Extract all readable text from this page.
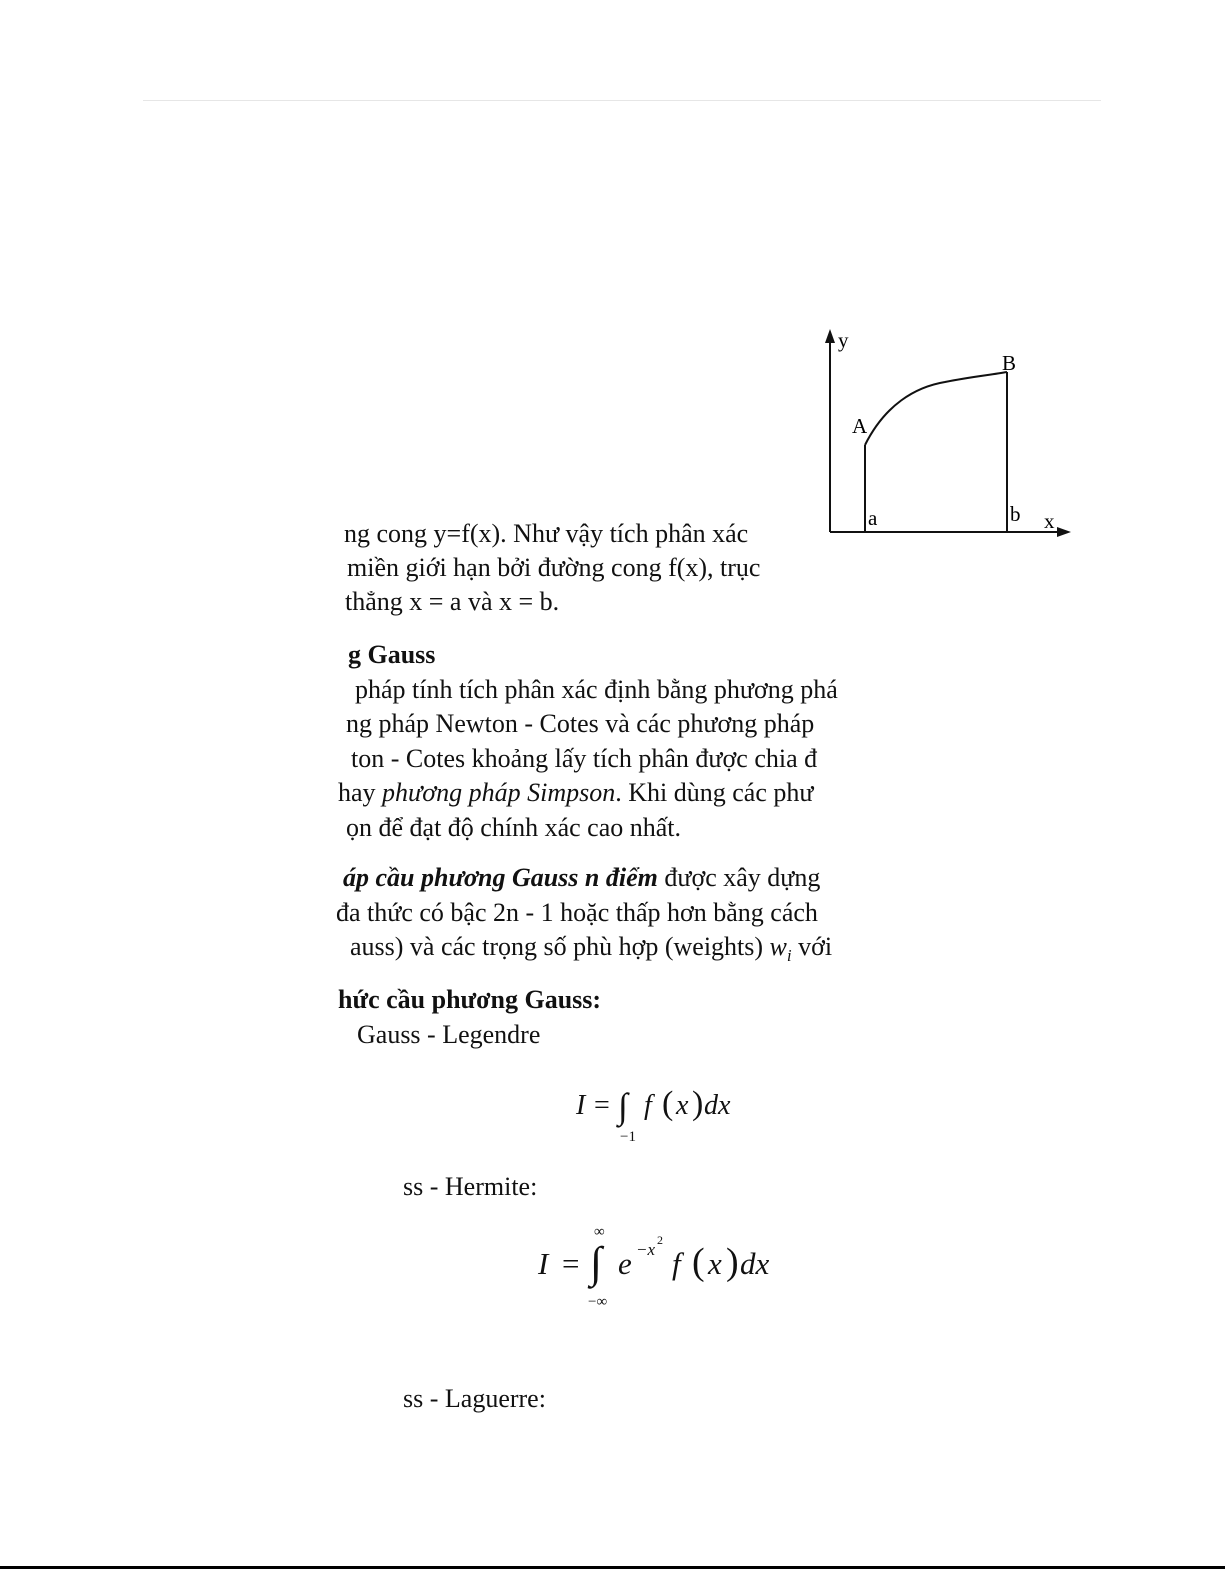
y
x
A
B
a	b
ng cong y=f(x). Như vậy tích phân xác
miền giới hạn bởi đường cong f(x), trục
thẳng x = a và x = b.
g Gauss
pháp tính tích phân xác định bằng phương phá
ng pháp Newton - Cotes và các phương pháp
ton - Cotes khoảng lấy tích phân được chia đ
hay phương pháp Simpson. Khi dùng các phư
ọn để đạt độ chính xác cao nhất.
áp cầu phương Gauss n điểm được xây dựng
đa thức có bậc 2n - 1 hoặc thấp hơn bằng cách
auss) và các trọng số phù hợp (weights) $w_i$ với
hức cầu phương Gauss:
Gauss - Legendre
I = ∫
−1
f ( x ) dx
ss - Hermite:
∞
I = ∫
−∞
e −x 2
f ( x ) dx
ss - Laguerre:
